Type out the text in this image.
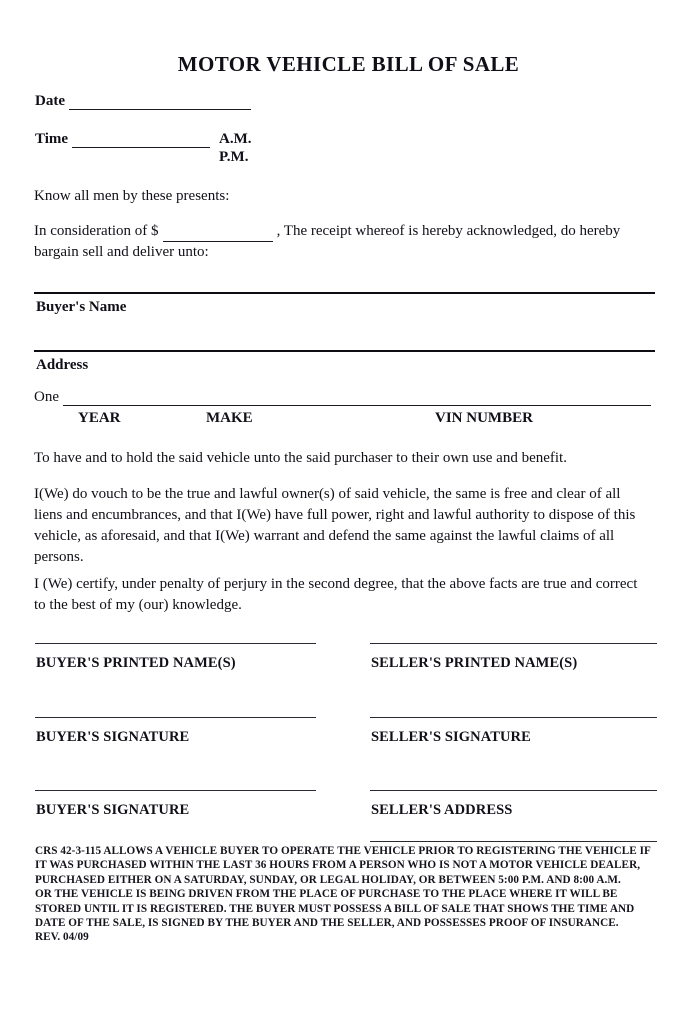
MOTOR VEHICLE BILL OF SALE
Date
Time	A.M.
P.M.
Know all men by these presents:
In consideration of $	, The receipt whereof is hereby acknowledged, do hereby bargain sell and deliver unto:
Buyer's Name
Address
One
YEAR	MAKE	VIN NUMBER
To have and to hold the said vehicle unto the said purchaser to their own use and benefit.
I(We) do vouch to be the true and lawful owner(s) of said vehicle, the same is free and clear of all liens and encumbrances, and that I(We) have full power, right and lawful authority to dispose of this vehicle, as aforesaid, and that I(We) warrant and defend the same against the lawful claims of all persons.
I (We) certify, under penalty of perjury in the second degree, that the above facts are true and correct to the best of my (our) knowledge.
BUYER'S PRINTED NAME(S)	SELLER'S PRINTED NAME(S)
BUYER'S SIGNATURE	SELLER'S SIGNATURE
BUYER'S SIGNATURE	SELLER'S ADDRESS
CRS 42-3-115 ALLOWS A VEHICLE BUYER TO OPERATE THE VEHICLE PRIOR TO REGISTERING THE VEHICLE IF
IT WAS PURCHASED WITHIN THE LAST 36 HOURS FROM A PERSON WHO IS NOT A MOTOR VEHICLE DEALER,
PURCHASED EITHER ON A SATURDAY, SUNDAY, OR LEGAL HOLIDAY, OR BETWEEN 5:00 P.M. AND 8:00 A.M.
OR THE VEHICLE IS BEING DRIVEN FROM THE PLACE OF PURCHASE TO THE PLACE WHERE IT WILL BE
STORED UNTIL IT IS REGISTERED. THE BUYER MUST POSSESS A BILL OF SALE THAT SHOWS THE TIME AND
DATE OF THE SALE, IS SIGNED BY THE BUYER AND THE SELLER, AND POSSESSES PROOF OF INSURANCE.
REV. 04/09
